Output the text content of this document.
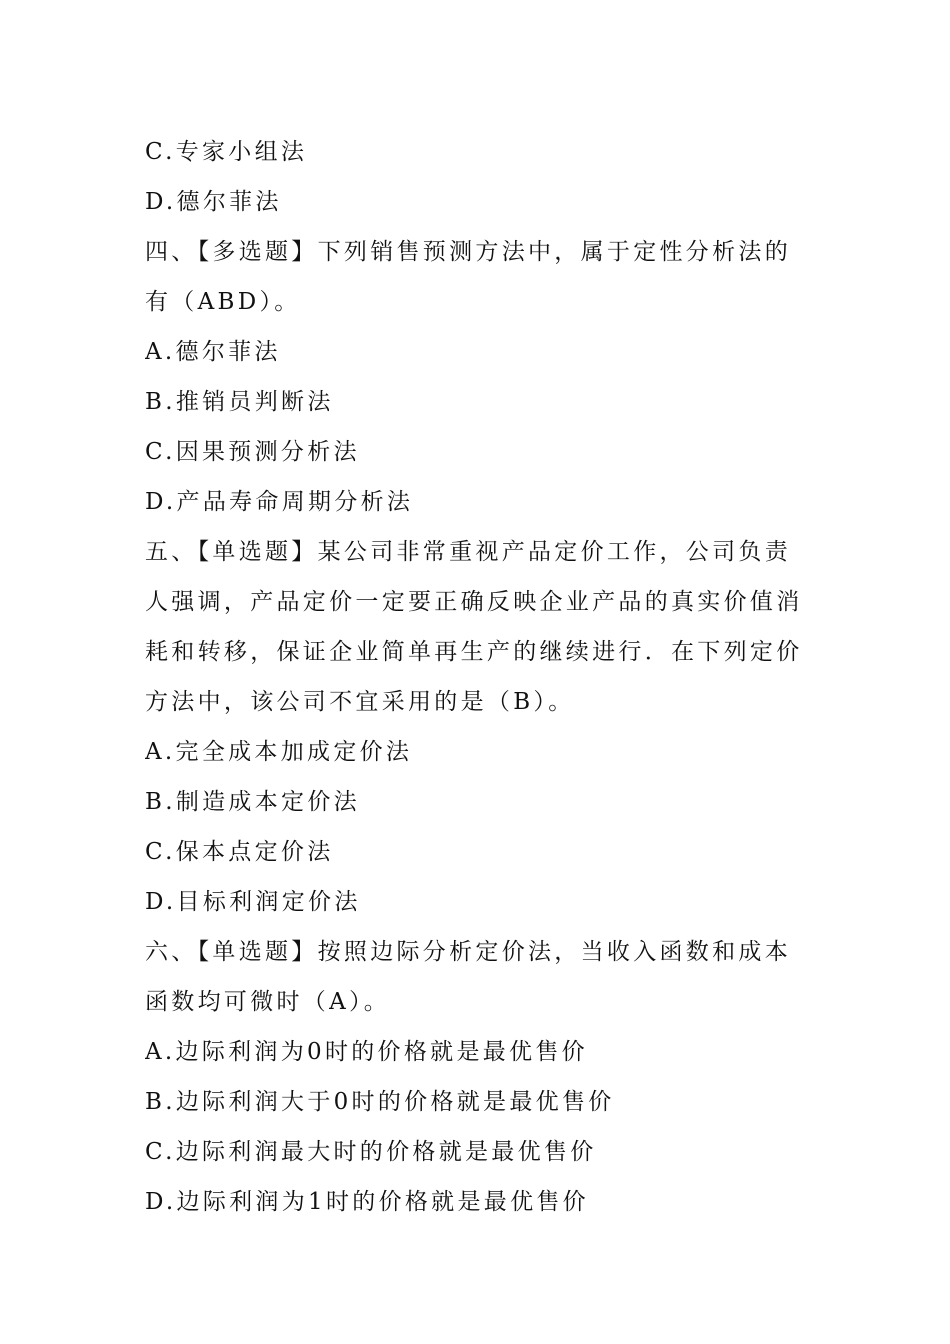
C.专家小组法
D.德尔菲法
四、【多选题】下列销售预测方法中，属于定性分析法的
有（ABD）。
A.德尔菲法
B.推销员判断法
C.因果预测分析法
D.产品寿命周期分析法
五、【单选题】某公司非常重视产品定价工作，公司负责
人强调，产品定价一定要正确反映企业产品的真实价值消
耗和转移，保证企业简单再生产的继续进行．在下列定价
方法中，该公司不宜采用的是（B）。
A.完全成本加成定价法
B.制造成本定价法
C.保本点定价法
D.目标利润定价法
六、【单选题】按照边际分析定价法，当收入函数和成本
函数均可微时（A）。
A.边际利润为0时的价格就是最优售价
B.边际利润大于0时的价格就是最优售价
C.边际利润最大时的价格就是最优售价
D.边际利润为1时的价格就是最优售价
